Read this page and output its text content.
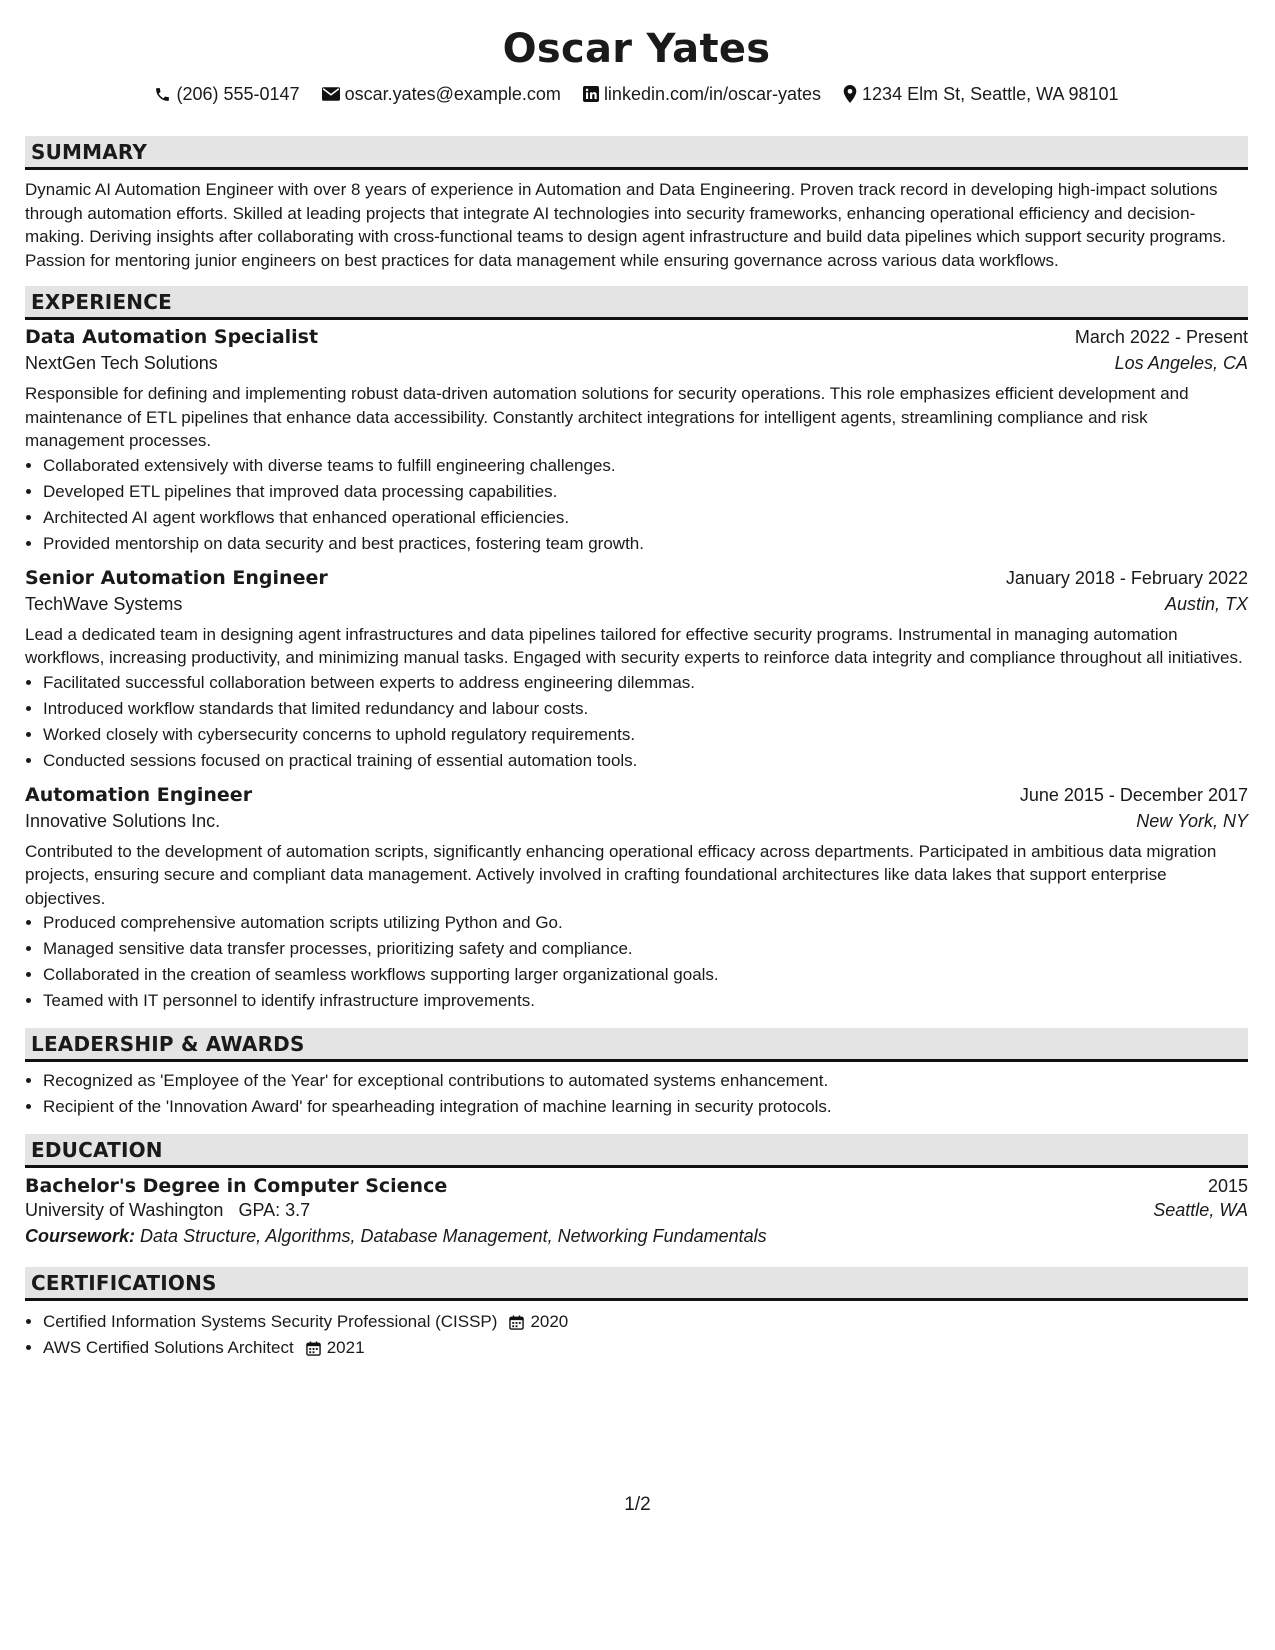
Oscar Yates
(206) 555-0147	oscar.yates@example.com linkedin.com/in/oscar-yates 1234 Elm St, Seattle, WA 98101
SUMMARY

Dynamic AI Automation Engineer with over 8 years of experience in Automation and Data Engineering. Proven track record in developing high-impact solutions through automation efforts. Skilled at leading projects that integrate AI technologies into security frameworks, enhancing operational efficiency and decision-making. Deriving insights after collaborating with cross-functional teams to design agent infrastructure and build data pipelines which support security programs. Passion for mentoring junior engineers on best practices for data management while ensuring governance across various data workflows.

EXPERIENCE
Data Automation Specialist	March 2022 - Present
NextGen Tech Solutions	Los Angeles, CA

Responsible for defining and implementing robust data-driven automation solutions for security operations. This role emphasizes efficient development and maintenance of ETL pipelines that enhance data accessibility. Constantly architect integrations for intelligent agents, streamlining compliance and risk management processes.

• Collaborated extensively with diverse teams to fulfill engineering challenges.
• Developed ETL pipelines that improved data processing capabilities.
• Architected AI agent workflows that enhanced operational efficiencies.
• Provided mentorship on data security and best practices, fostering team growth.
Senior Automation Engineer	January 2018 - February 2022
TechWave Systems	Austin, TX

Lead a dedicated team in designing agent infrastructures and data pipelines tailored for effective security programs. Instrumental in managing automation workflows, increasing productivity, and minimizing manual tasks. Engaged with security experts to reinforce data integrity and compliance throughout all initiatives.

• Facilitated successful collaboration between experts to address engineering dilemmas.
• Introduced workflow standards that limited redundancy and labour costs.
• Worked closely with cybersecurity concerns to uphold regulatory requirements.
• Conducted sessions focused on practical training of essential automation tools.
Automation Engineer	June 2015 - December 2017
Innovative Solutions Inc.	New York, NY

Contributed to the development of automation scripts, significantly enhancing operational efficacy across departments. Participated in ambitious data migration projects, ensuring secure and compliant data management. Actively involved in crafting foundational architectures like data lakes that support enterprise objectives.

• Produced comprehensive automation scripts utilizing Python and Go.
• Managed sensitive data transfer processes, prioritizing safety and compliance.
• Collaborated in the creation of seamless workflows supporting larger organizational goals.
• Teamed with IT personnel to identify infrastructure improvements.
LEADERSHIP & AWARDS
• Recognized as 'Employee of the Year' for exceptional contributions to automated systems enhancement.
• Recipient of the 'Innovation Award' for spearheading integration of machine learning in security protocols.
EDUCATION
Bachelor's Degree in Computer Science	2015
University of Washington GPA: 3.7	Seattle, WA
Coursework: Data Structure, Algorithms, Database Management, Networking Fundamentals
CERTIFICATIONS
• Certified Information Systems Security Professional (CISSP) 2020
• AWS Certified Solutions Architect 2021
1/2
